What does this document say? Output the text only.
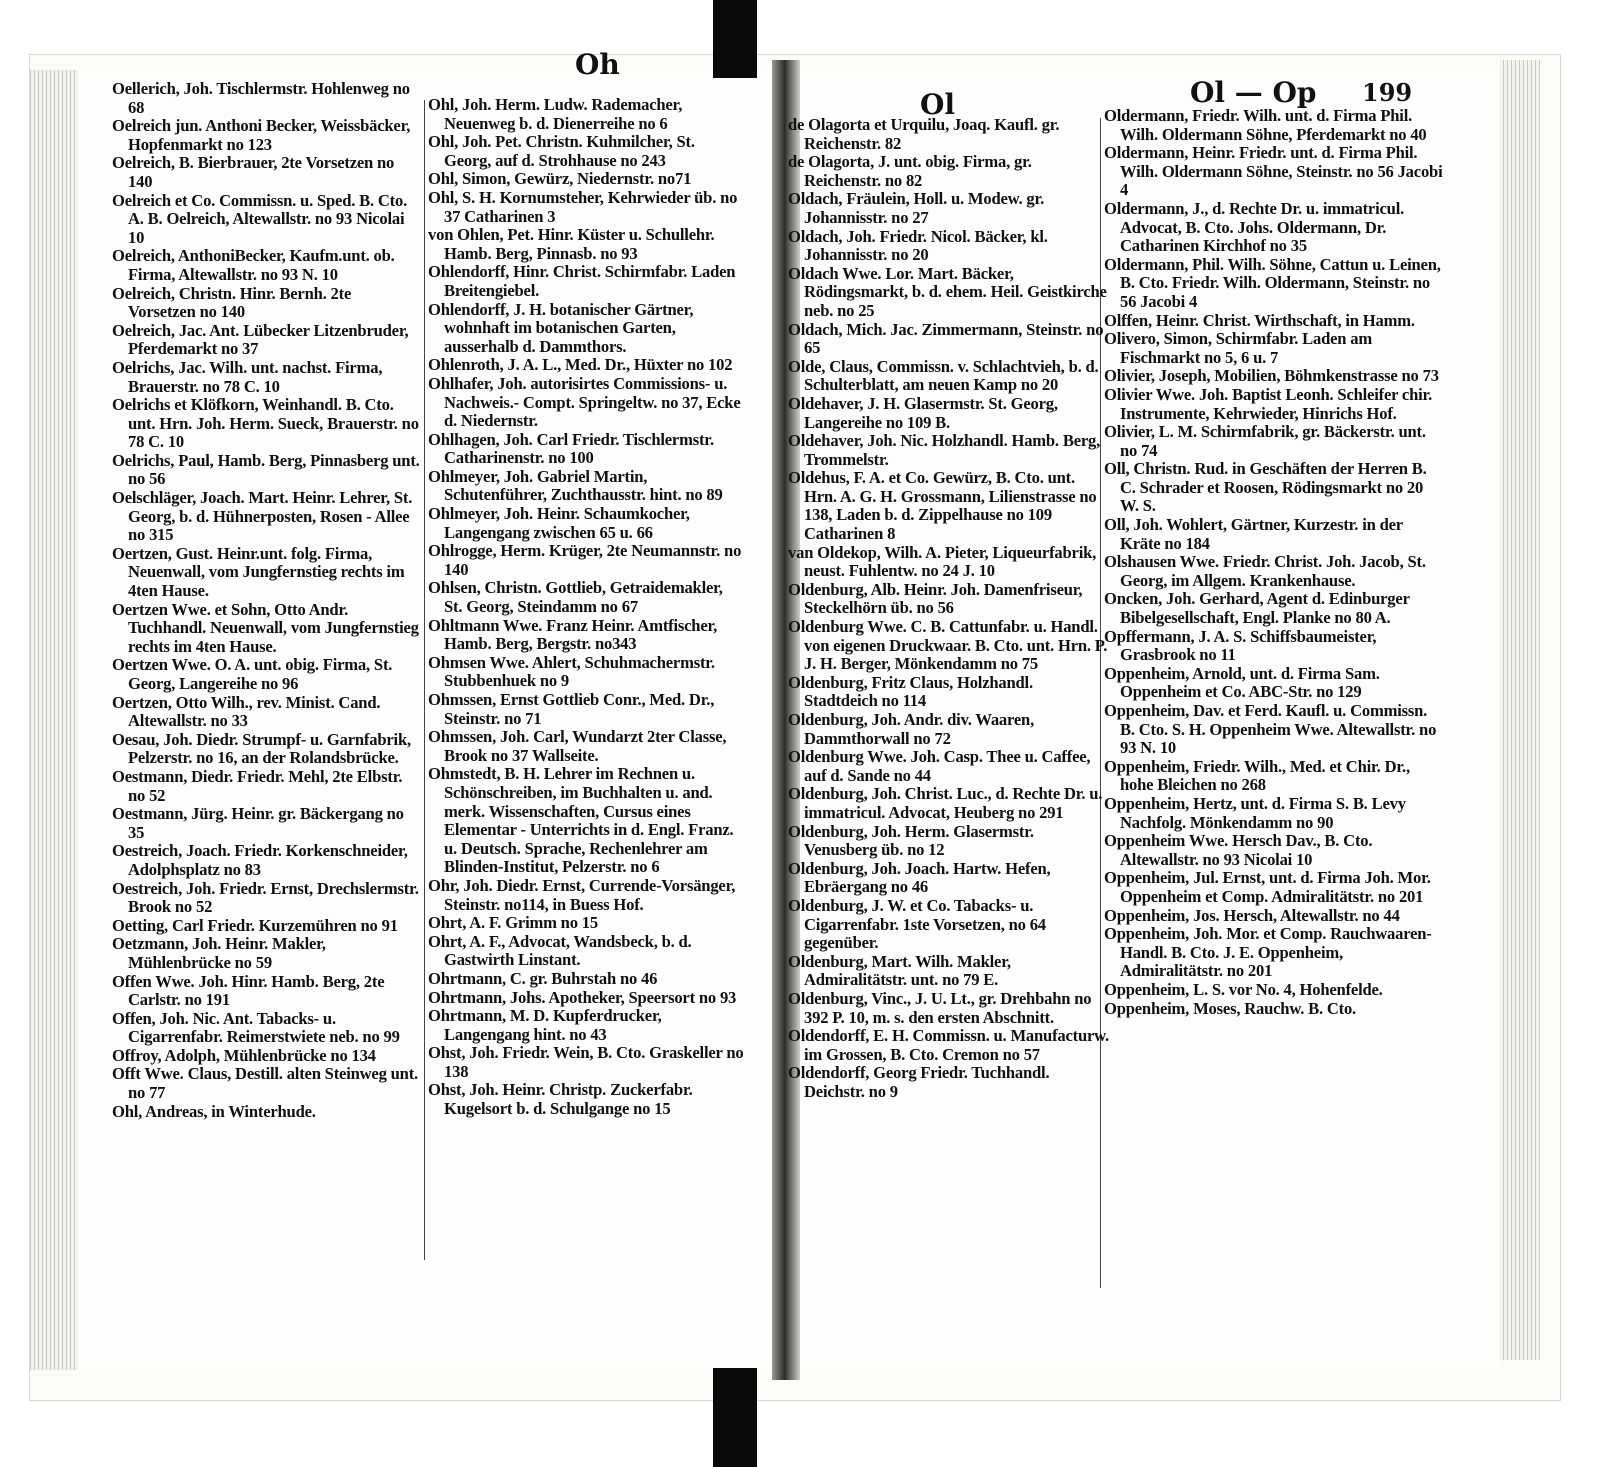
Oh
Ol	Ol — Op 199

Oellerich, Joh. Tischlermstr. Hohlenweg no 68

Oelreich jun. Anthoni Becker, Weissbäcker, Hopfenmarkt no 123

Oelreich, B. Bierbrauer, 2te Vorsetzen no 140

Oelreich et Co. Commissn. u. Sped. B. Cto. A. B. Oelreich, Altewallstr. no 93 Nicolai 10

Oelreich, AnthoniBecker, Kaufm.unt. ob. Firma, Altewallstr. no 93 N. 10

Oelreich, Christn. Hinr. Bernh. 2te Vorsetzen no 140

Oelreich, Jac. Ant. Lübecker Litzenbruder, Pferdemarkt no 37

Oelrichs, Jac. Wilh. unt. nachst. Firma, Brauerstr. no 78 C. 10

Oelrichs et Klöfkorn, Weinhandl. B. Cto. unt. Hrn. Joh. Herm. Sueck, Brauerstr. no 78 C. 10

Oelrichs, Paul, Hamb. Berg, Pinnasberg unt. no 56

Oelschläger, Joach. Mart. Heinr. Lehrer, St. Georg, b. d. Hühnerposten, Rosen - Allee no 315

Oertzen, Gust. Heinr.unt. folg. Firma, Neuenwall, vom Jungfernstieg rechts im 4ten Hause.

Oertzen Wwe. et Sohn, Otto Andr. Tuchhandl. Neuenwall, vom Jungfernstieg rechts im 4ten Hause.

Oertzen Wwe. O. A. unt. obig. Firma, St. Georg, Langereihe no 96

Oertzen, Otto Wilh., rev. Minist. Cand. Altewallstr. no 33

Oesau, Joh. Diedr. Strumpf- u. Garnfabrik, Pelzerstr. no 16, an der Rolandsbrücke.

Oestmann, Diedr. Friedr. Mehl, 2te Elbstr. no 52

Oestmann, Jürg. Heinr. gr. Bäckergang no 35

Oestreich, Joach. Friedr. Korkenschneider, Adolphsplatz no 83

Oestreich, Joh. Friedr. Ernst, Drechslermstr. Brook no 52

Oetting, Carl Friedr. Kurzemühren no 91

Oetzmann, Joh. Heinr. Makler, Mühlenbrücke no 59

Offen Wwe. Joh. Hinr. Hamb. Berg, 2te Carlstr. no 191

Offen, Joh. Nic. Ant. Tabacks- u. Cigarrenfabr. Reimerstwiete neb. no 99

Offroy, Adolph, Mühlenbrücke no 134

Offt Wwe. Claus, Destill. alten Steinweg unt. no 77

Ohl, Andreas, in Winterhude.

Ohl, Joh. Herm. Ludw. Rademacher, Neuenweg b. d. Dienerreihe no 6

Ohl, Joh. Pet. Christn. Kuhmilcher, St. Georg, auf d. Strohhause no 243

Ohl, Simon, Gewürz, Niedernstr. no71

Ohl, S. H. Kornumsteher, Kehrwieder üb. no 37 Catharinen 3

von Ohlen, Pet. Hinr. Küster u. Schullehr. Hamb. Berg, Pinnasb. no 93

Ohlendorff, Hinr. Christ. Schirmfabr. Laden Breitengiebel.

Ohlendorff, J. H. botanischer Gärtner, wohnhaft im botanischen Garten, ausserhalb d. Dammthors.

Ohlenroth, J. A. L., Med. Dr., Hüxter no 102

Ohlhafer, Joh. autorisirtes Commissions- u. Nachweis.- Compt. Springeltw. no 37, Ecke d. Niedernstr.

Ohlhagen, Joh. Carl Friedr. Tischlermstr. Catharinenstr. no 100

Ohlmeyer, Joh. Gabriel Martin, Schutenführer, Zuchthausstr. hint. no 89

Ohlmeyer, Joh. Heinr. Schaumkocher, Langengang zwischen 65 u. 66

Ohlrogge, Herm. Krüger, 2te Neumannstr. no 140

Ohlsen, Christn. Gottlieb, Getraidemakler, St. Georg, Steindamm no 67

Ohltmann Wwe. Franz Heinr. Amtfischer, Hamb. Berg, Bergstr. no343

Ohmsen Wwe. Ahlert, Schuhmachermstr. Stubbenhuek no 9

Ohmssen, Ernst Gottlieb Conr., Med. Dr., Steinstr. no 71

Ohmssen, Joh. Carl, Wundarzt 2ter Classe, Brook no 37 Wallseite.

Ohmstedt, B. H. Lehrer im Rechnen u. Schönschreiben, im Buchhalten u. and. merk. Wissenschaften, Cursus eines Elementar - Unterrichts in d. Engl. Franz. u. Deutsch. Sprache, Rechenlehrer am Blinden-Institut, Pelzerstr. no 6

Ohr, Joh. Diedr. Ernst, Currende-Vorsänger, Steinstr. no114, in Buess Hof.

Ohrt, A. F. Grimm no 15

Ohrt, A. F., Advocat, Wandsbeck, b. d. Gastwirth Linstant.

Ohrtmann, C. gr. Buhrstah no 46

Ohrtmann, Johs. Apotheker, Speersort no 93

Ohrtmann, M. D. Kupferdrucker, Langengang hint. no 43

Ohst, Joh. Friedr. Wein, B. Cto. Graskeller no 138

Ohst, Joh. Heinr. Christp. Zuckerfabr. Kugelsort b. d. Schulgange no 15

de Olagorta et Urquilu, Joaq. Kaufl. gr. Reichenstr. 82

de Olagorta, J. unt. obig. Firma, gr. Reichenstr. no 82

Oldach, Fräulein, Holl. u. Modew. gr. Johannisstr. no 27

Oldach, Joh. Friedr. Nicol. Bäcker, kl. Johannisstr. no 20

Oldach Wwe. Lor. Mart. Bäcker, Rödingsmarkt, b. d. ehem. Heil. Geistkirche neb. no 25

Oldach, Mich. Jac. Zimmermann, Steinstr. no 65

Olde, Claus, Commissn. v. Schlachtvieh, b. d. Schulterblatt, am neuen Kamp no 20

Oldehaver, J. H. Glasermstr. St. Georg, Langereihe no 109 B.

Oldehaver, Joh. Nic. Holzhandl. Hamb. Berg, Trommelstr.

Oldehus, F. A. et Co. Gewürz, B. Cto. unt. Hrn. A. G. H. Grossmann, Lilienstrasse no 138, Laden b. d. Zippelhause no 109 Catharinen 8

van Oldekop, Wilh. A. Pieter, Liqueurfabrik, neust. Fuhlentw. no 24 J. 10

Oldenburg, Alb. Heinr. Joh. Damenfriseur, Steckelhörn üb. no 56

Oldenburg Wwe. C. B. Cattunfabr. u. Handl. von eigenen Druckwaar. B. Cto. unt. Hrn. P. J. H. Berger, Mönkendamm no 75

Oldenburg, Fritz Claus, Holzhandl. Stadtdeich no 114

Oldenburg, Joh. Andr. div. Waaren, Dammthorwall no 72

Oldenburg Wwe. Joh. Casp. Thee u. Caffee, auf d. Sande no 44

Oldenburg, Joh. Christ. Luc., d. Rechte Dr. u. immatricul. Advocat, Heuberg no 291

Oldenburg, Joh. Herm. Glasermstr. Venusberg üb. no 12

Oldenburg, Joh. Joach. Hartw. Hefen, Ebräergang no 46

Oldenburg, J. W. et Co. Tabacks- u. Cigarrenfabr. 1ste Vorsetzen, no 64 gegenüber.

Oldenburg, Mart. Wilh. Makler, Admiralitätstr. unt. no 79 E.

Oldenburg, Vinc., J. U. Lt., gr. Drehbahn no 392 P. 10, m. s. den ersten Abschnitt.

Oldendorff, E. H. Commissn. u. Manufacturw. im Grossen, B. Cto. Cremon no 57

Oldendorff, Georg Friedr. Tuchhandl. Deichstr. no 9

Oldermann, Friedr. Wilh. unt. d. Firma Phil. Wilh. Oldermann Söhne, Pferdemarkt no 40

Oldermann, Heinr. Friedr. unt. d. Firma Phil. Wilh. Oldermann Söhne, Steinstr. no 56 Jacobi 4

Oldermann, J., d. Rechte Dr. u. immatricul. Advocat, B. Cto. Johs. Oldermann, Dr. Catharinen Kirchhof no 35

Oldermann, Phil. Wilh. Söhne, Cattun u. Leinen, B. Cto. Friedr. Wilh. Oldermann, Steinstr. no 56 Jacobi 4

Olffen, Heinr. Christ. Wirthschaft, in Hamm.

Olivero, Simon, Schirmfabr. Laden am Fischmarkt no 5, 6 u. 7

Olivier, Joseph, Mobilien, Böhmkenstrasse no 73

Olivier Wwe. Joh. Baptist Leonh. Schleifer chir. Instrumente, Kehrwieder, Hinrichs Hof.

Olivier, L. M. Schirmfabrik, gr. Bäckerstr. unt. no 74

Oll, Christn. Rud. in Geschäften der Herren B. C. Schrader et Roosen, Rödingsmarkt no 20 W. S.

Oll, Joh. Wohlert, Gärtner, Kurzestr. in der Kräte no 184

Olshausen Wwe. Friedr. Christ. Joh. Jacob, St. Georg, im Allgem. Krankenhause.

Oncken, Joh. Gerhard, Agent d. Edinburger Bibelgesellschaft, Engl. Planke no 80 A.

Opffermann, J. A. S. Schiffsbaumeister, Grasbrook no 11

Oppenheim, Arnold, unt. d. Firma Sam. Oppenheim et Co. ABC-Str. no 129

Oppenheim, Dav. et Ferd. Kaufl. u. Commissn. B. Cto. S. H. Oppenheim Wwe. Altewallstr. no 93 N. 10

Oppenheim, Friedr. Wilh., Med. et Chir. Dr., hohe Bleichen no 268

Oppenheim, Hertz, unt. d. Firma S. B. Levy Nachfolg. Mönkendamm no 90

Oppenheim Wwe. Hersch Dav., B. Cto. Altewallstr. no 93 Nicolai 10

Oppenheim, Jul. Ernst, unt. d. Firma Joh. Mor. Oppenheim et Comp. Admiralitätstr. no 201

Oppenheim, Jos. Hersch, Altewallstr. no 44

Oppenheim, Joh. Mor. et Comp. Rauchwaaren-Handl. B. Cto. J. E. Oppenheim, Admiralitätstr. no 201

Oppenheim, L. S. vor No. 4, Hohenfelde.

Oppenheim, Moses, Rauchw. B. Cto.
